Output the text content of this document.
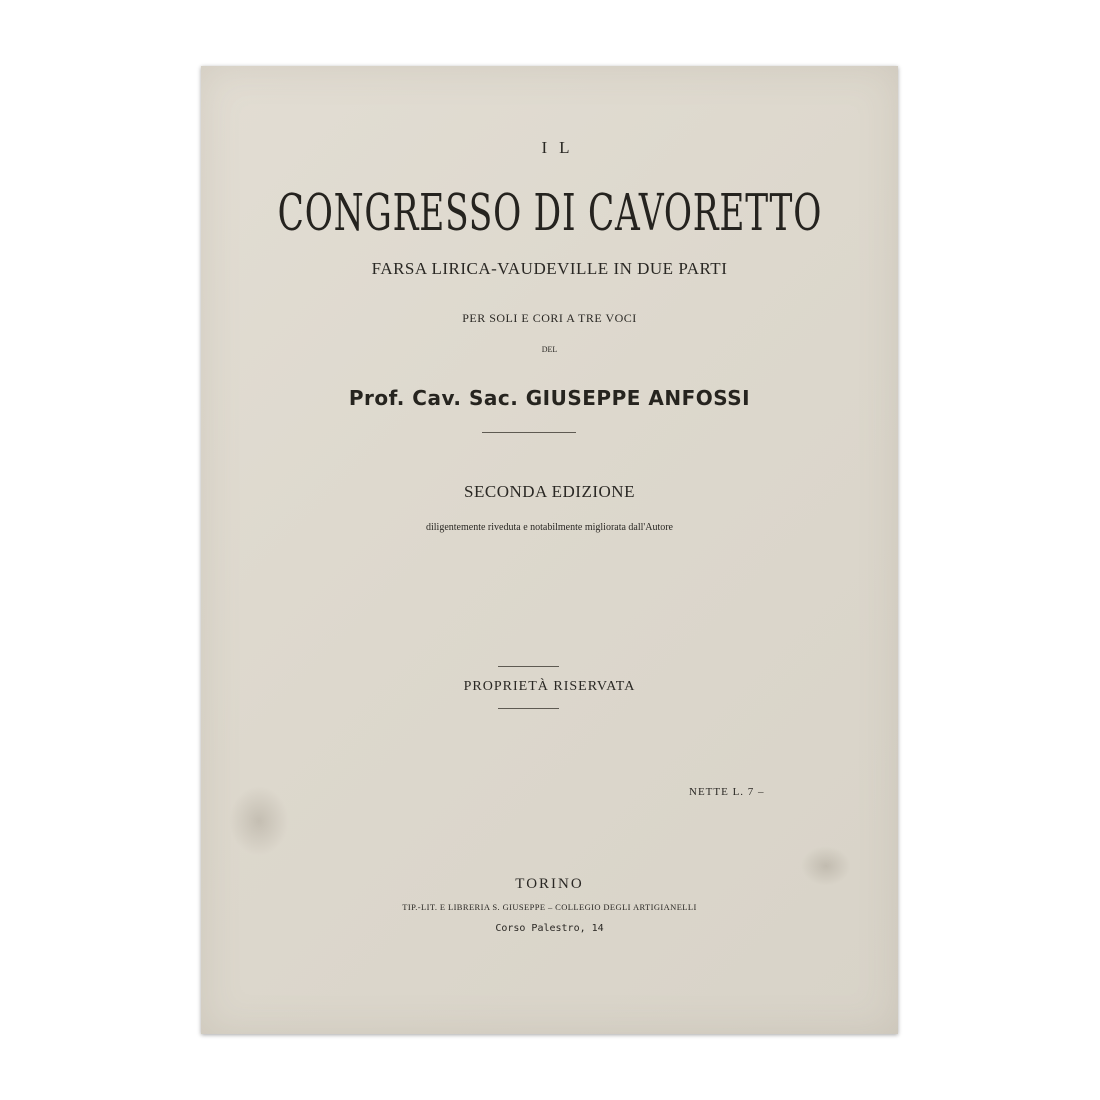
IL
CONGRESSO DI CAVORETTO
FARSA LIRICA-VAUDEVILLE IN DUE PARTI
PER SOLI E CORI A TRE VOCI
DEL
Prof. Cav. Sac. GIUSEPPE ANFOSSI
SECONDA EDIZIONE
diligentemente riveduta e notabilmente migliorata dall'Autore
PROPRIETÀ RISERVATA
NETTE L. 7 –
TORINO
TIP.-LIT. E LIBRERIA S. GIUSEPPE – COLLEGIO DEGLI ARTIGIANELLI
Corso Palestro, 14
